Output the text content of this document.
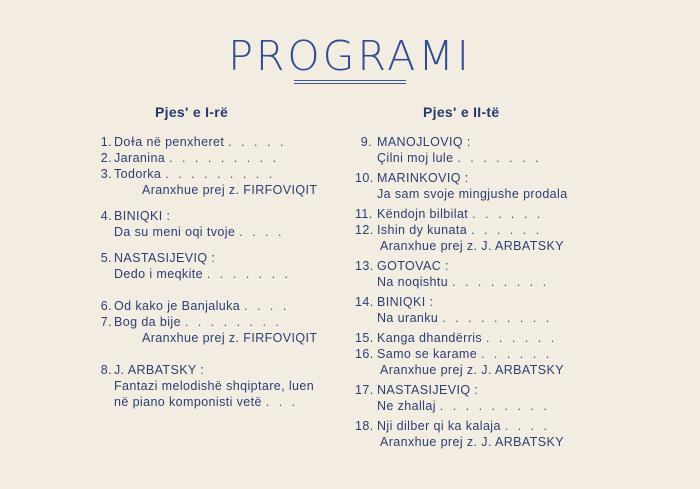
PROGRAMI
Pjes' e I-rë
1. Doɫa në penxheret . . . . .
2. Jaranina . . . . . . . . .
3. Todorka . . . . . . . . .
Aranxhue prej z. FIRFOVIQIT
4. BINIQKI :
Da su meni oqi tvoje . . . .
5. NASTASIJEVIQ :
Dedo i meqkite . . . . . . .
6. Od kako je Banjaluka . . . .
7. Bog da bije . . . . . . . .
Aranxhue prej z. FIRFOVIQIT
8. J. ARBATSKY :
Fantazi melodishë shqiptare, luen
në piano komponisti vetë . . .
Pjes' e II-të
9. MANOJLOVIQ :
Çilni moj lule . . . . . . .
10. MARINKOVIQ :
Ja sam svoje mingjushe prodala
11. Këndojn bilbilat . . . . . .
12. Ishin dy kunata . . . . . .
Aranxhue prej z. J. ARBATSKY
13. GOTOVAC :
Na noqishtu . . . . . . . .
14. BINIQKI :
Na uranku . . . . . . . . .
15. Kanga dhandërris . . . . . .
16. Samo se karame . . . . . .
Aranxhue prej z. J. ARBATSKY
17. NASTASIJEVIQ :
Ne zhallaj . . . . . . . . .
18. Nji dilber qi ka kalaja . . . .
Aranxhue prej z. J. ARBATSKY
